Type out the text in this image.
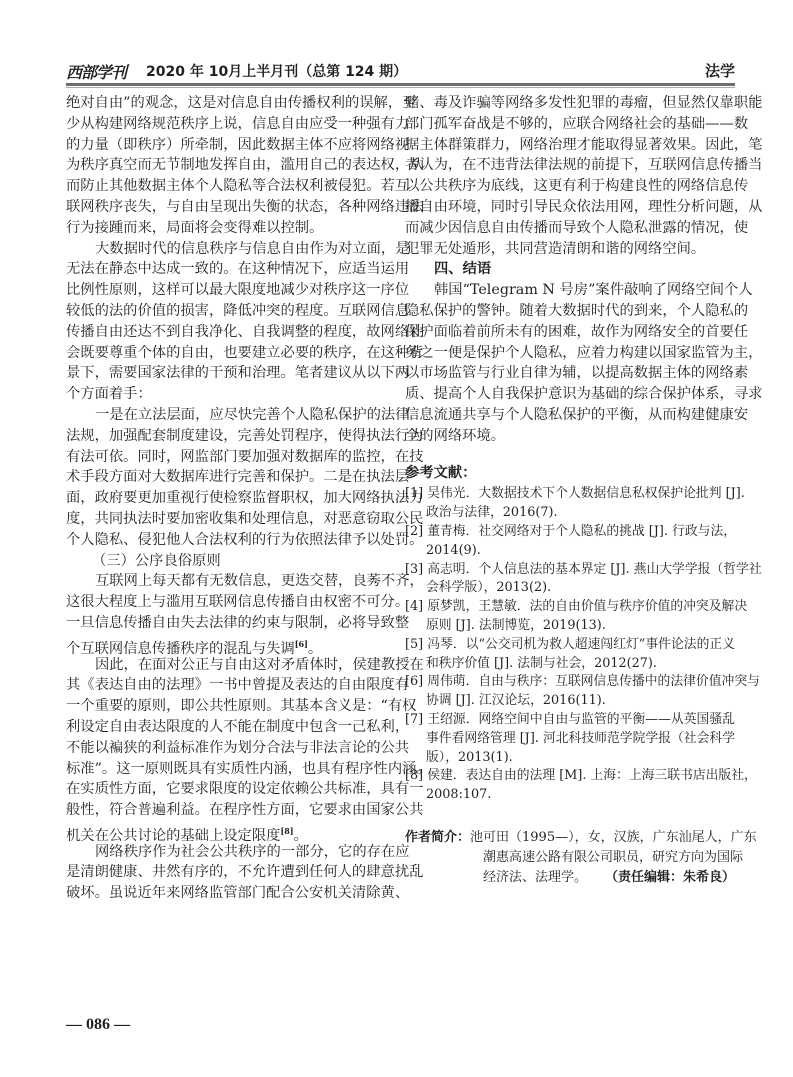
西部学刊 2020 年 10月上半月刊（总第 124 期）	法学
绝对自由”的观念，这是对信息自由传播权利的误解，至
少从构建网络规范秩序上说，信息自由应受一种强有力
的力量（即秩序）所牵制，因此数据主体不应将网络视
为秩序真空而无节制地发挥自由，滥用自己的表达权，从
而防止其他数据主体个人隐私等合法权利被侵犯。若互
联网秩序丧失，与自由呈现出失衡的状态，各种网络违法
行为接踵而来，局面将会变得难以控制。
大数据时代的信息秩序与信息自由作为对立面，是
无法在静态中达成一致的。在这种情况下，应适当运用
比例性原则，这样可以最大限度地减少对秩序这一序位
较低的法的价值的损害，降低冲突的程度。互联网信息
传播自由还达不到自我净化、自我调整的程度，故网络社
会既要尊重个体的自由，也要建立必要的秩序，在这种背
景下，需要国家法律的干预和治理。笔者建议从以下两
个方面着手：
一是在立法层面，应尽快完善个人隐私保护的法律
法规，加强配套制度建设，完善处罚程序，使得执法行为
有法可依。同时，网监部门要加强对数据库的监控，在技
术手段方面对大数据库进行完善和保护。二是在执法层
面，政府要更加重视行使检察监督职权，加大网络执法力
度，共同执法时要加密收集和处理信息，对恶意窃取公民
个人隐私、侵犯他人合法权利的行为依照法律予以处罚。
（三）公序良俗原则
互联网上每天都有无数信息，更迭交替，良莠不齐，
这很大程度上与滥用互联网信息传播自由权密不可分。
一旦信息传播自由失去法律的约束与限制，必将导致整
个互联网信息传播秩序的混乱与失调[6]。
因此，在面对公正与自由这对矛盾体时，侯建教授在
其《表达自由的法理》一书中曾提及表达的自由限度有
一个重要的原则，即公共性原则。其基本含义是：“有权
利设定自由表达限度的人不能在制度中包含一己私利，
不能以褊狭的利益标准作为划分合法与非法言论的公共
标准”。这一原则既具有实质性内涵，也具有程序性内涵。
在实质性方面，它要求限度的设定依赖公共标准，具有一
般性，符合普遍利益。在程序性方面，它要求由国家公共
机关在公共讨论的基础上设定限度[8]。
网络秩序作为社会公共秩序的一部分，它的存在应
是清朗健康、井然有序的，不允许遭到任何人的肆意扰乱
破坏。虽说近年来网络监管部门配合公安机关清除黄、
赌、毒及诈骗等网络多发性犯罪的毒瘤，但显然仅靠职能
部门孤军奋战是不够的，应联合网络社会的基础——数
据主体群策群力，网络治理才能取得显著效果。因此，笔
者认为，在不违背法律法规的前提下，互联网信息传播当
以公共秩序为底线，这更有利于构建良性的网络信息传
播自由环境，同时引导民众依法用网，理性分析问题，从
而减少因信息自由传播而导致个人隐私泄露的情况，使
犯罪无处遁形，共同营造清朗和谐的网络空间。
四、结语
韩国“Telegram N 号房”案件敲响了网络空间个人
隐私保护的警钟。随着大数据时代的到来，个人隐私的
保护面临着前所未有的困难，故作为网络安全的首要任
务之一便是保护个人隐私，应着力构建以国家监管为主，
以市场监管与行业自律为辅，以提高数据主体的网络素
质、提高个人自我保护意识为基础的综合保护体系，寻求
信息流通共享与个人隐私保护的平衡，从而构建健康安
全的网络环境。
参考文献：
[1] 吴伟光．大数据技术下个人数据信息私权保护论批判 [J].
政治与法律，2016(7).
[2] 董青梅．社交网络对于个人隐私的挑战 [J]. 行政与法，
2014(9).
[3] 高志明．个人信息法的基本界定 [J]. 燕山大学学报（哲学社
会科学版），2013(2).
[4] 原梦凯，王慧敏．法的自由价值与秩序价值的冲突及解决
原则 [J]. 法制博览，2019(13).
[5] 冯琴．以“公交司机为救人超速闯红灯”事件论法的正义
和秩序价值 [J]. 法制与社会，2012(27).
[6] 周伟萌．自由与秩序：互联网信息传播中的法律价值冲突与
协调 [J]. 江汉论坛，2016(11).
[7] 王绍源．网络空间中自由与监管的平衡——从英国骚乱
事件看网络管理 [J]. 河北科技师范学院学报（社会科学
版），2013(1).
[8] 侯建．表达自由的法理 [M]. 上海：上海三联书店出版社，
2008:107.
作者简介：池可田（1995—），女，汉族，广东汕尾人，广东
潮惠高速公路有限公司职员，研究方向为国际
经济法、法理学。	（责任编辑：朱希良）
— 086 —
